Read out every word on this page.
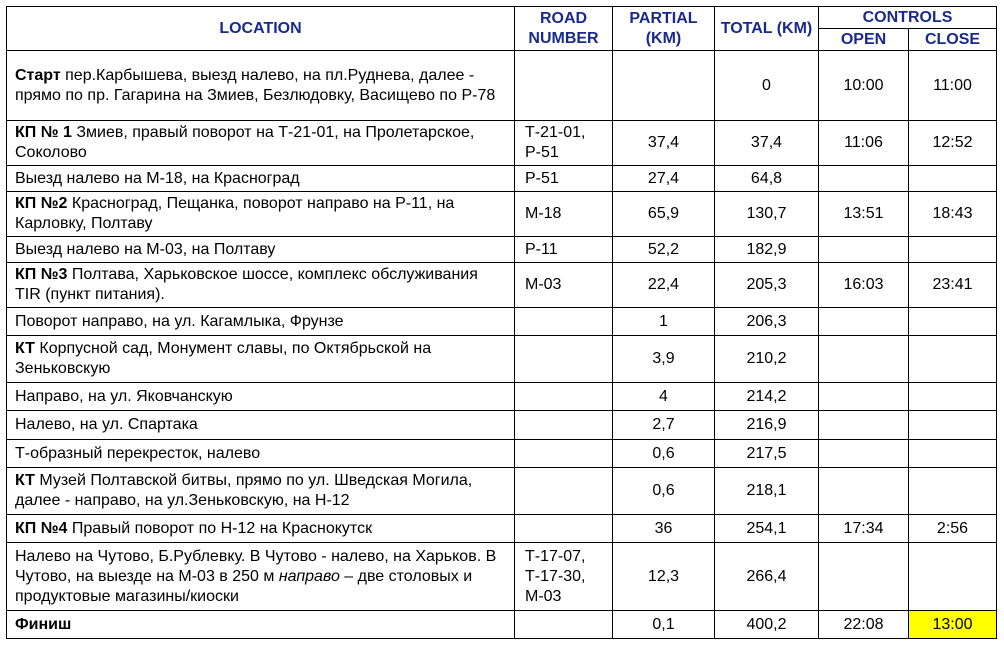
LOCATION	ROAD NUMBER	PARTIAL (KM)	TOTAL (KM)	CONTROLS	
				OPEN	CLOSE
Старт пер.Карбышева, выезд налево, на пл.Руднева, далее - прямо по пр. Гагарина на Змиев, Безлюдовку, Васищево по Р-78			0	10:00	11:00
КП № 1 Змиев, правый поворот на Т-21-01, на Пролетарское, Соколово	Т-21-01, Р-51	37,4	37,4	11:06	12:52
Выезд налево на М-18, на Красноград	Р-51	27,4	64,8		
КП №2 Красноград, Пещанка, поворот направо на Р-11, на Карловку, Полтаву	М-18	65,9	130,7	13:51	18:43
Выезд налево на М-03, на Полтаву	Р-11	52,2	182,9		
КП №3 Полтава, Харьковское шоссе, комплекс обслуживания TIR (пункт питания).	М-03	22,4	205,3	16:03	23:41
Поворот направо, на ул. Кагамлыка, Фрунзе		1	206,3		
КТ Корпусной сад, Монумент славы, по Октябрьской на Зеньковскую		3,9	210,2		
Направо, на ул. Яковчанскую		4	214,2		
Налево, на ул. Спартака		2,7	216,9		
Т-образный перекресток, налево		0,6	217,5		
КТ Музей Полтавской битвы, прямо по ул. Шведская Могила, далее - направо, на ул.Зеньковскую, на Н-12		0,6	218,1		
КП №4 Правый поворот по Н-12 на Краснокутск		36	254,1	17:34	2:56
Налево на Чутово, Б.Рублевку. В Чутово - налево, на Харьков. В Чутово, на выезде на М-03 в 250 м направо – две столовых и продуктовые магазины/киоски	Т-17-07, Т-17-30, М-03	12,3	266,4		
Финиш		0,1	400,2	22:08	13:00
